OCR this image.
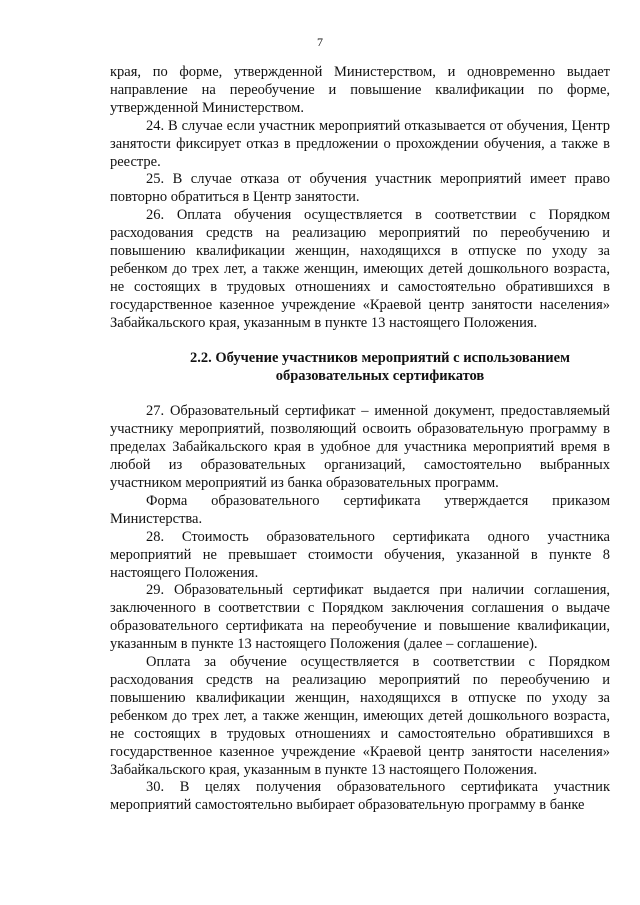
7

края, по форме, утвержденной Министерством, и одновременно выдает направление на переобучение и повышение квалификации по форме, утвержденной Министерством.

24. В случае если участник мероприятий отказывается от обучения, Центр занятости фиксирует отказ в предложении о прохождении обучения, а также в реестре.

25. В случае отказа от обучения участник мероприятий имеет право повторно обратиться в Центр занятости.

26. Оплата обучения осуществляется в соответствии с Порядком расходования средств на реализацию мероприятий по переобучению и повышению квалификации женщин, находящихся в отпуске по уходу за ребенком до трех лет, а также женщин, имеющих детей дошкольного возраста, не состоящих в трудовых отношениях и самостоятельно обратившихся в государственное казенное учреждение «Краевой центр занятости населения» Забайкальского края, указанным в пункте 13 настоящего Положения.

2.2. Обучение участников мероприятий с использованием
образовательных сертификатов

27. Образовательный сертификат – именной документ, предоставляемый участнику мероприятий, позволяющий освоить образовательную программу в пределах Забайкальского края в удобное для участника мероприятий время в любой из образовательных организаций, самостоятельно выбранных участником мероприятий из банка образовательных программ.

Форма образовательного сертификата утверждается приказом Министерства.

28. Стоимость образовательного сертификата одного участника мероприятий не превышает стоимости обучения, указанной в пункте 8 настоящего Положения.

29. Образовательный сертификат выдается при наличии соглашения, заключенного в соответствии с Порядком заключения соглашения о выдаче образовательного сертификата на переобучение и повышение квалификации, указанным в пункте 13 настоящего Положения (далее – соглашение).

Оплата за обучение осуществляется в соответствии с Порядком расходования средств на реализацию мероприятий по переобучению и повышению квалификации женщин, находящихся в отпуске по уходу за ребенком до трех лет, а также женщин, имеющих детей дошкольного возраста, не состоящих в трудовых отношениях и самостоятельно обратившихся в государственное казенное учреждение «Краевой центр занятости населения» Забайкальского края, указанным в пункте 13 настоящего Положения.

30. В целях получения образовательного сертификата участник мероприятий самостоятельно выбирает образовательную программу в банке
